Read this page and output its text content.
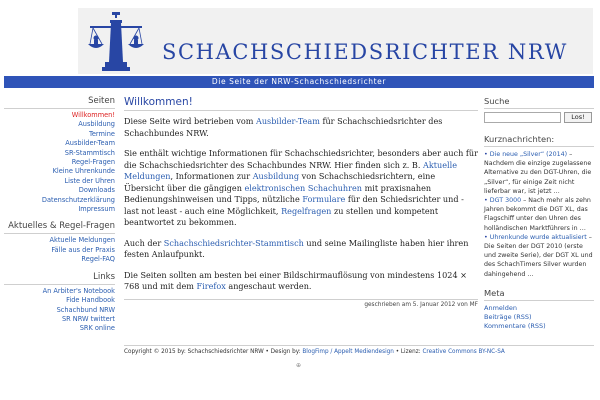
SCHACHSCHIEDSRICHTER NRW
Die Seite der NRW-Schachschiedsrichter
Seiten
Willkommen!
Ausbildung
Termine
Ausbilder-Team
SR-Stammtisch
Regel-Fragen
Kleine Uhrenkunde
Liste der Uhren
Downloads
Datenschutzerklärung
Impressum
Aktuelles & Regel-Fragen
Aktuelle Meldungen
Fälle aus der Praxis
Regel-FAQ
Links
An Arbiter's Notebook
Fide Handbook
Schachbund NRW
SR NRW twittert
SRK online
Willkommen!

Diese Seite wird betrieben vom Ausbilder-Team für Schachschiedsrichter des Schachbundes NRW.

Sie enthält wichtige Informationen für Schachschiedsrichter, besonders aber auch für die Schachschiedsrichter des Schachbundes NRW. Hier finden sich z. B. Aktuelle Meldungen, Informationen zur Ausbildung von Schachschiedsrichtern, eine Übersicht über die gängigen elektronischen Schachuhren mit praxisnahen Bedienungshinweisen und Tipps, nützliche Formulare für den Schiedsrichter und - last not least - auch eine Möglichkeit, Regelfragen zu stellen und kompetent beantwortet zu bekommen.

Auch der Schachschiedsrichter-Stammtisch und seine Mailingliste haben hier ihren festen Anlaufpunkt.

Die Seiten sollten am besten bei einer Bildschirmauflösung von mindestens 1024 × 768 und mit dem Firefox angeschaut werden.

geschrieben am 5. Januar 2012 von MF
Suche
Los!
Kurznachrichten:
• Die neue „Silver“ (2014) – Nachdem die einzige zugelassene Alternative zu den DGT-Uhren, die „Silver“, für einige Zeit nicht lieferbar war, ist jetzt …
• DGT 3000 – Nach mehr als zehn Jahren bekommt die DGT XL, das Flagschiff unter den Uhren des holländischen Marktführers in …
• Uhrenkunde wurde aktualisiert – Die Seiten der DGT 2010 (erste und zweite Serie), der DGT XL und des SchachTimers Silver wurden dahingehend …
Meta
Anmelden
Beiträge (RSS)
Kommentare (RSS)
Copyright © 2015 by: Schachschiedsrichter NRW • Design by: BlogFimp / Appelt Mediendesign • Lizenz: Creative Commons BY-NC-SA
⊕
